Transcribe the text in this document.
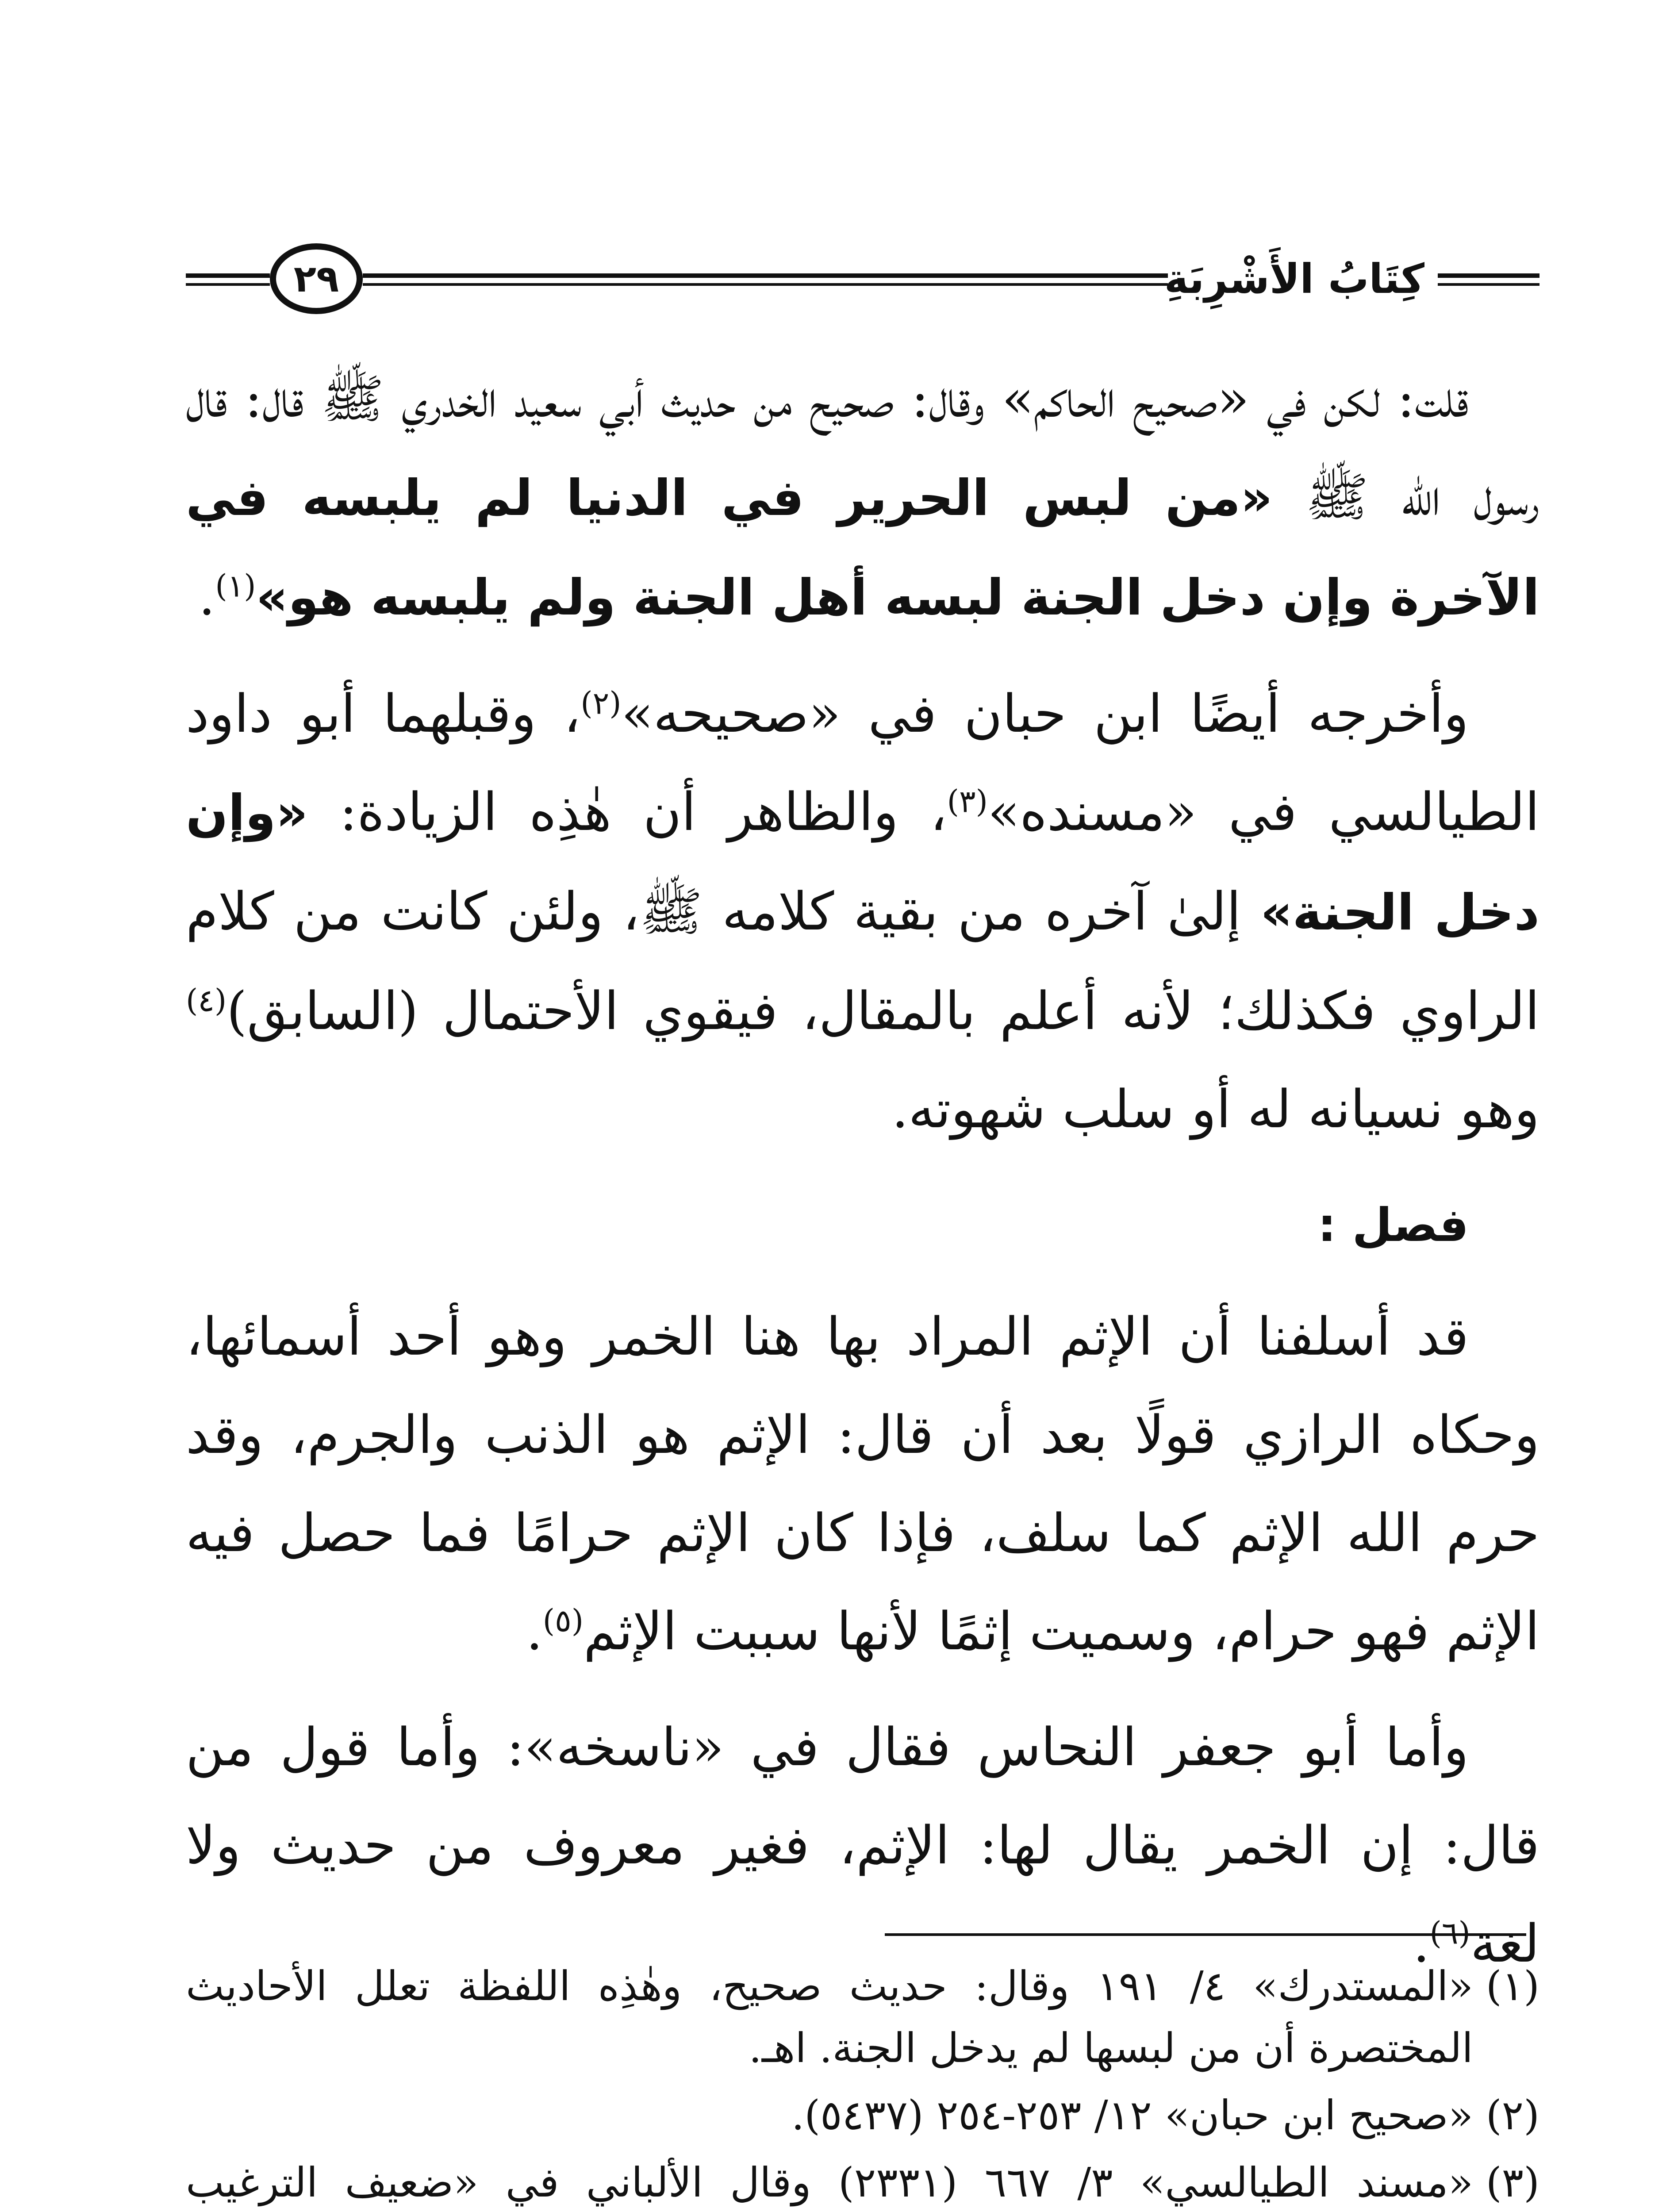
٢٩	كِتَابُ الأَشْرِبَةِ

قلت: لكن في «صحيح الحاكم» وقال: صحيح من حديث أبي سعيد الخدري ﷺ قال: قال رسول الله ﷺ «من لبس الحرير في الدنيا لم يلبسه في الآخرة وإن دخل الجنة لبسه أهل الجنة ولم يلبسه هو»$^{(١)}$.

وأخرجه أيضًا ابن حبان في «صحيحه»$^{(٢)}$، وقبلهما أبو داود الطيالسي في «مسنده»$^{(٣)}$، والظاهر أن هٰذِه الزيادة: «وإن دخل الجنة» إلىٰ آخره من بقية كلامه ﷺ، ولئن كانت من كلام الراوي فكذلك؛ لأنه أعلم بالمقال، فيقوي الأحتمال (السابق)$^{(٤)}$ وهو نسيانه له أو سلب شهوته.

فصل :

قد أسلفنا أن الإثم المراد بها هنا الخمر وهو أحد أسمائها، وحكاه الرازي قولًا بعد أن قال: الإثم هو الذنب والجرم، وقد حرم الله الإثم كما سلف، فإذا كان الإثم حرامًا فما حصل فيه الإثم فهو حرام، وسميت إثمًا لأنها سببت الإثم$^{(٥)}$.

وأما أبو جعفر النحاس فقال في «ناسخه»: وأما قول من قال: إن الخمر يقال لها: الإثم، فغير معروف من حديث ولا لغة$^{(٦)}$.

(١)
«المستدرك» ٤/ ١٩١ وقال: حديث صحيح، وهٰذِه اللفظة تعلل الأحاديث المختصرة أن من لبسها لم يدخل الجنة. اهـ.
(٢)
«صحيح ابن حبان» ١٢/ ٢٥٣-٢٥٤ (٥٤٣٧).
(٣)
«مسند الطيالسي» ٣/ ٦٦٧ (٢٣٣١) وقال الألباني في «ضعيف الترغيب
